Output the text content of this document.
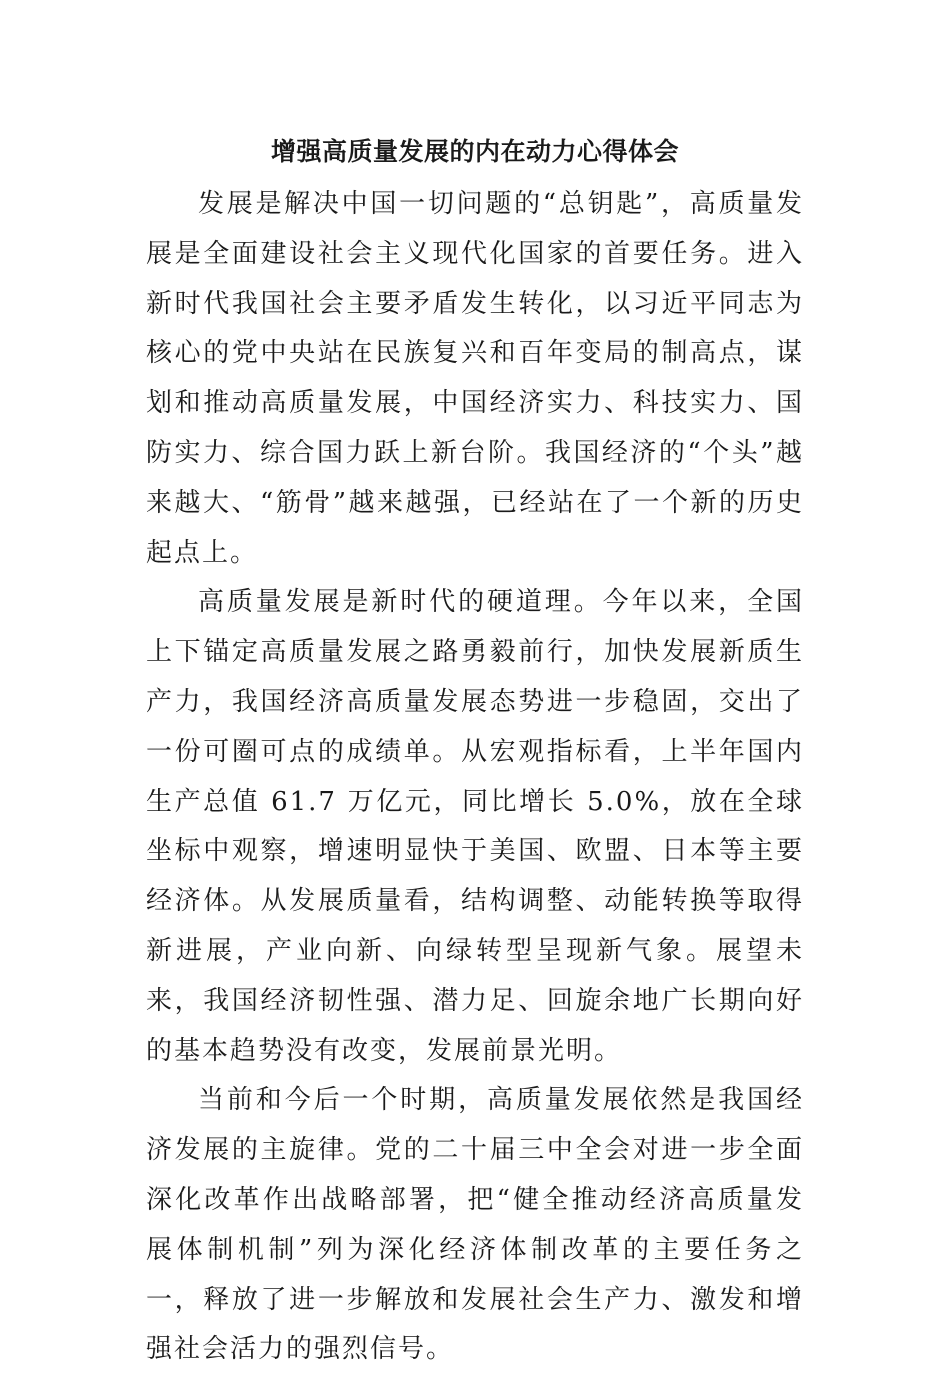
增强高质量发展的内在动力心得体会

发展是解决中国一切问题的“总钥匙”，高质量发展是全面建设社会主义现代化国家的首要任务。进入新时代我国社会主要矛盾发生转化，以习近平同志为核心的党中央站在民族复兴和百年变局的制高点，谋划和推动高质量发展，中国经济实力、科技实力、国防实力、综合国力跃上新台阶。我国经济的“个头”越来越大、“筋骨”越来越强，已经站在了一个新的历史起点上。

高质量发展是新时代的硬道理。今年以来，全国上下锚定高质量发展之路勇毅前行，加快发展新质生产力，我国经济高质量发展态势进一步稳固，交出了一份可圈可点的成绩单。从宏观指标看，上半年国内生产总值 61.7 万亿元，同比增长 5.0%，放在全球坐标中观察，增速明显快于美国、欧盟、日本等主要经济体。从发展质量看，结构调整、动能转换等取得新进展，产业向新、向绿转型呈现新气象。展望未来，我国经济韧性强、潜力足、回旋余地广长期向好的基本趋势没有改变，发展前景光明。

当前和今后一个时期，高质量发展依然是我国经济发展的主旋律。党的二十届三中全会对进一步全面深化改革作出战略部署，把“健全推动经济高质量发展体制机制”列为深化经济体制改革的主要任务之一，释放了进一步解放和发展社会生产力、激发和增强社会活力的强烈信号。
